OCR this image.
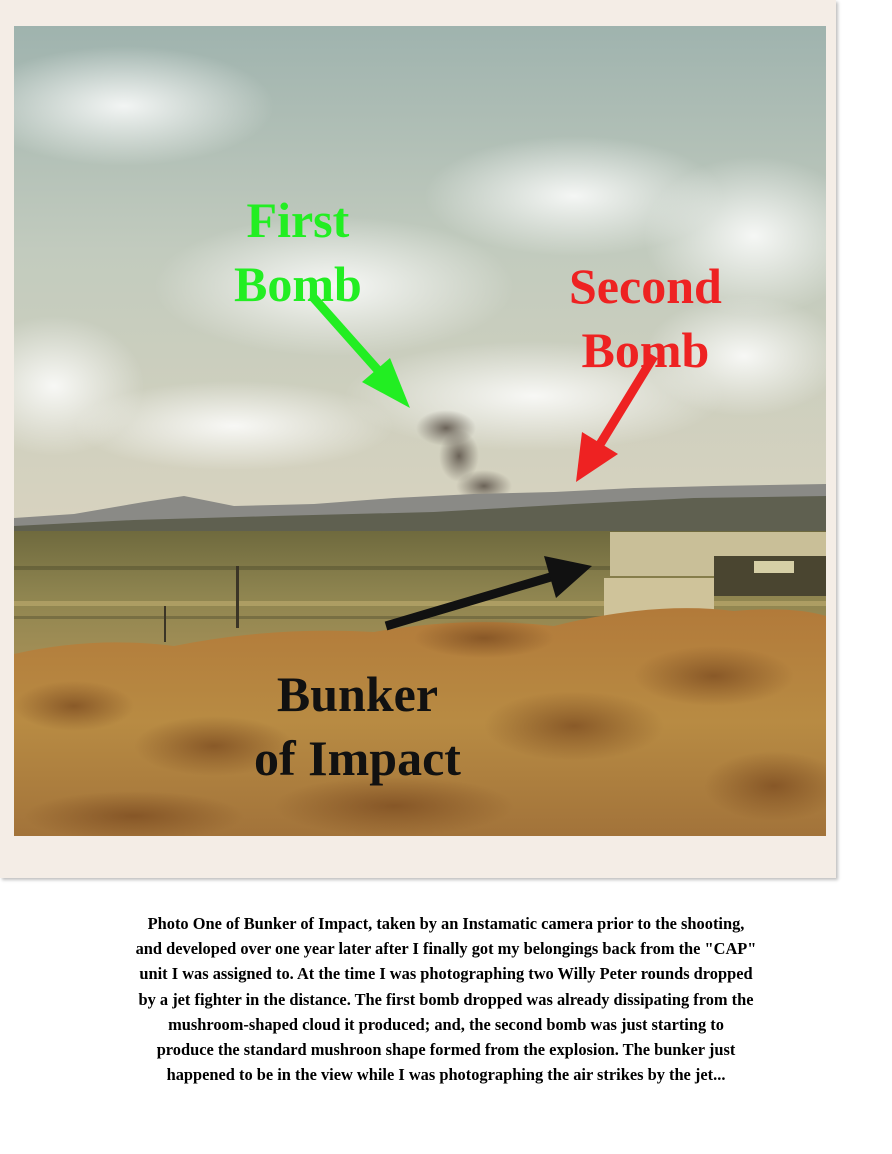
First
Bomb	Second
Bomb

Bunker
of Impact

Photo One of Bunker of Impact, taken by an Instamatic camera prior to the shooting,
and developed over one year later after I finally got my belongings back from the "CAP"
unit I was assigned to. At the time I was photographing two Willy Peter rounds dropped
by a jet fighter in the distance. The first bomb dropped was already dissipating from the
mushroom-shaped cloud it produced; and, the second bomb was just starting to
produce the standard mushroon shape formed from the explosion. The bunker just
happened to be in the view while I was photographing the air strikes by the jet...
